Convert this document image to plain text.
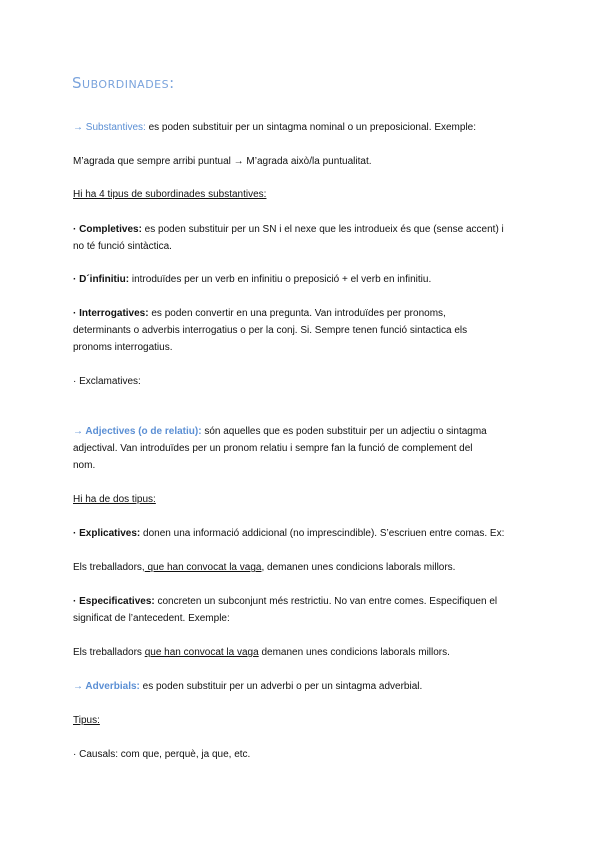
Subordinades:
→ Substantives: es poden substituir per un sintagma nominal o un preposicional. Exemple:
M’agrada que sempre arribi puntual → M’agrada això/la puntualitat.
Hi ha 4 tipus de subordinades substantives:
· Completives: es poden substituir per un SN i el nexe que les introdueix és que (sense accent) i
no té funció sintàctica.
· D´infinitiu: introduïdes per un verb en infinitiu o preposició + el verb en infinitiu.
· Interrogatives: es poden convertir en una pregunta. Van introduïdes per pronoms,
determinants o adverbis interrogatius o per la conj. Si. Sempre tenen funció sintactica els
pronoms interrogatius.
· Exclamatives:
→ Adjectives (o de relatiu): són aquelles que es poden substituir per un adjectiu o sintagma
adjectival. Van introduïdes per un pronom relatiu i sempre fan la funció de complement del
nom.
Hi ha de dos tipus:
· Explicatives: donen una informació addicional (no imprescindible). S’escriuen entre comas. Ex:
Els treballadors, que han convocat la vaga, demanen unes condicions laborals millors.
· Especificatives: concreten un subconjunt més restrictiu. No van entre comes. Especifiquen el
significat de l’antecedent. Exemple:
Els treballadors que han convocat la vaga demanen unes condicions laborals millors.
→ Adverbials: es poden substituir per un adverbi o per un sintagma adverbial.
Tipus:
· Causals: com que, perquè, ja que, etc.
